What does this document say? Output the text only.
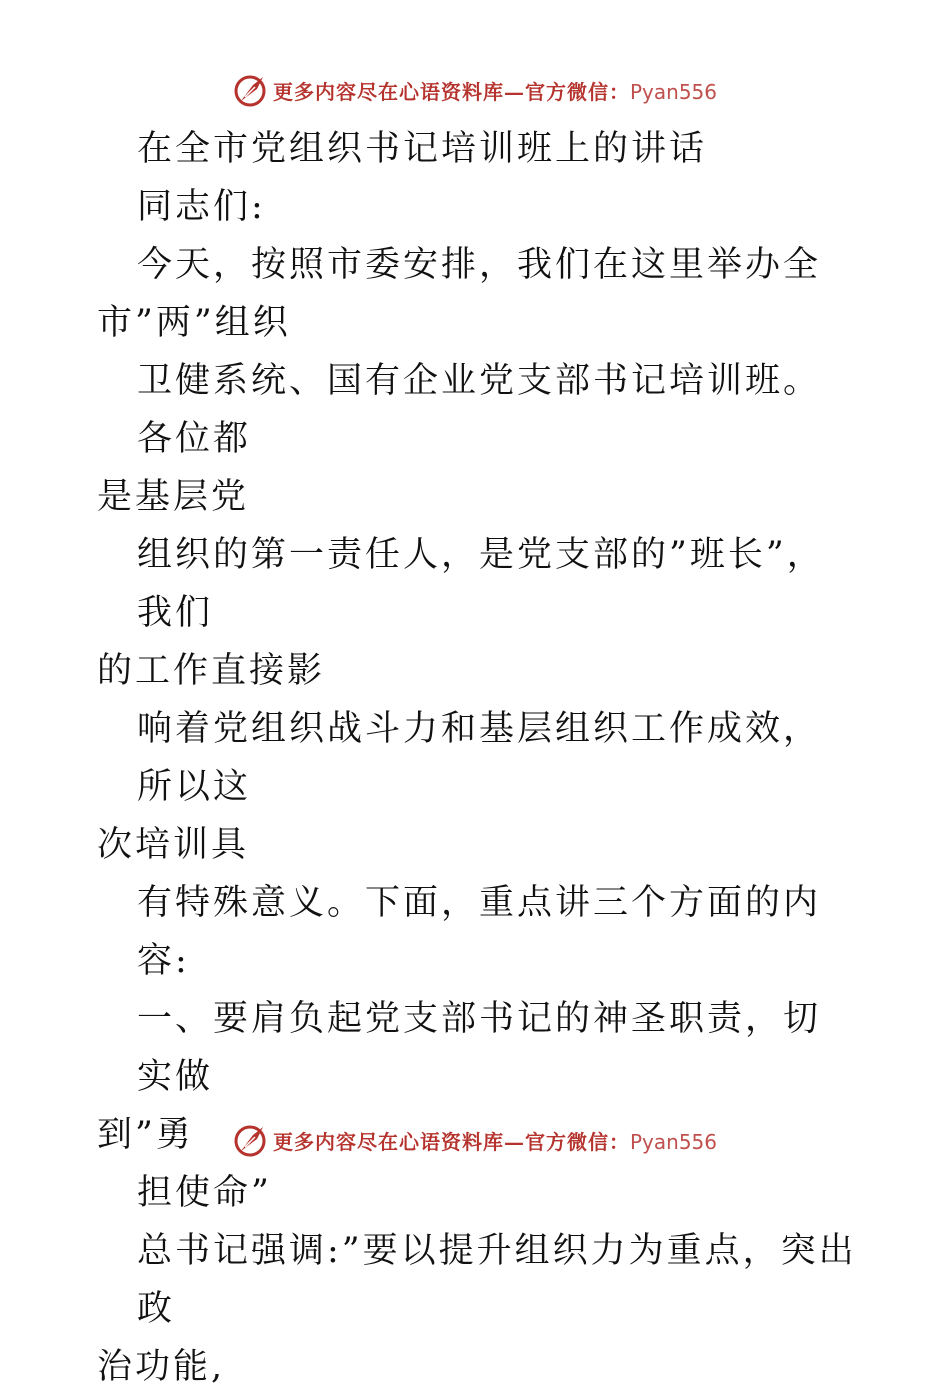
更多内容尽在心语资料库—官方微信：Pyan556

在全市党组织书记培训班上的讲话

同志们:

今天，按照市委安排，我们在这里举办全

市”两”组织

卫健系统、国有企业党支部书记培训班。各位都

是基层党

组织的第一责任人，是党支部的”班长”，我们

的工作直接影

响着党组织战斗力和基层组织工作成效，所以这

次培训具

有特殊意义。下面，重点讲三个方面的内容:

一、要肩负起党支部书记的神圣职责，切实做

到”勇

担使命”

总书记强调:”要以提升组织力为重点，突出政

治功能,

更多内容尽在心语资料库—官方微信：Pyan556
